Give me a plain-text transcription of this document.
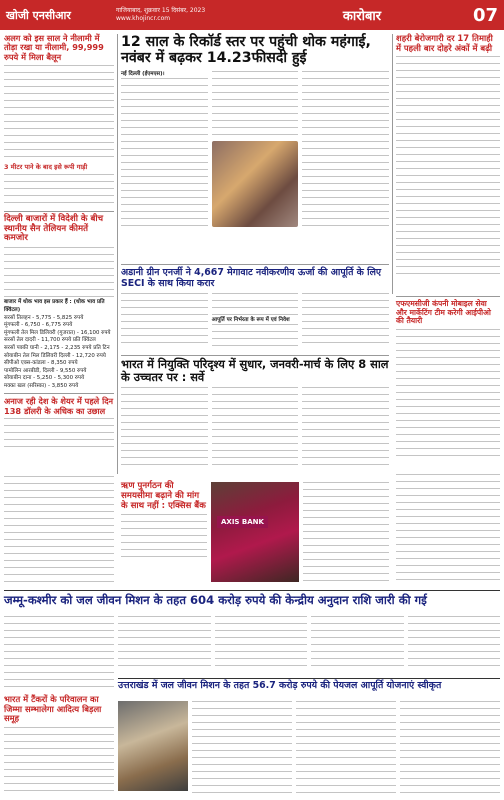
खोजी एनसीआर	गाजियाबाद, शुक्रवार 15 दिसंबर, 2023
www.khojincr.com	कारोबार	07
अलग को इस साल ने नीलामी में तोड़ा रखा या नीलामी, 99,999 रुपये में मिला बैलून
3 मीटर पाने के बाद इसे रूपी गाड़ी
दिल्ली बाजारों में विदेशी के बीच स्थानीय सैन तेलियन कीमतें कमजोर
बाजार में थोक भाव इस प्रकार हैं : (थोक भाव प्रति क्विंटल)
सरसों तिलहन - 5,775 - 5,825 रुपये
मूंगफली - 6,750 - 6,775 रुपये
मूंगफली तेल मिल डिलिवरी (गुजरात) - 16,100 रुपये
सरसों तेल दादरी - 11,700 रुपये प्रति क्विंटल
सरसों पक्की घानी - 2,175 - 2,235 रुपये प्रति टिन
सोयाबीन तेल मिल डिलिवरी दिल्ली - 12,720 रुपये
सीपीओ एक्स-कांडला - 8,350 रुपये
पामोलिन आरबीडी, दिल्ली - 9,550 रुपये
सोयाबीन दाना - 5,250 - 5,300 रुपये
मक्का खल (सरिस्का) - 3,850 रुपये
अनाज रही देश के शेयर में पहले दिन 138 डॉलरी के अधिक का उछाल
12 साल के रिकॉर्ड स्तर पर पहुंची थोक महंगाई, नवंबर में बढ़कर 14.23फीसदी हुई
नई दिल्ली (ईएमएस)।
शहरी बेरोजगारी दर 17 तिमाही में पहली बार दोहरे अंकों में बढ़ी
अडानी ग्रीन एनर्जी ने 4,667 मेगावाट नवीकरणीय ऊर्जा की आपूर्ति के लिए SECI के साथ किया करार
आपूर्ति पर निर्भरता के रूप में एवं निवेश
एफएमसीजी कंपनी मोबाइल सेवा और मार्केटिंग टीम करेगी आईपीओ की तैयारी
भारत में नियुक्ति परिदृश्य में सुधार, जनवरी-मार्च के लिए 8 साल के उच्चतर पर : सर्वे
ऋण पुनर्गठन की समयसीमा बढ़ाने की मांग के साथ नहीं : एक्सिस बैंक
AXIS BANK
जम्मू-कश्मीर को जल जीवन मिशन के तहत 604 करोड़ रुपये की केन्द्रीय अनुदान राशि जारी की गई
भारत में टैंकरों के परिवालन का जिम्मा सम्भालेगा आदित्य बिड़ला समूह
उत्तराखंड में जल जीवन मिशन के तहत 56.7 करोड़ रुपये की पेयजल आपूर्ति योजनाएं स्वीकृत
